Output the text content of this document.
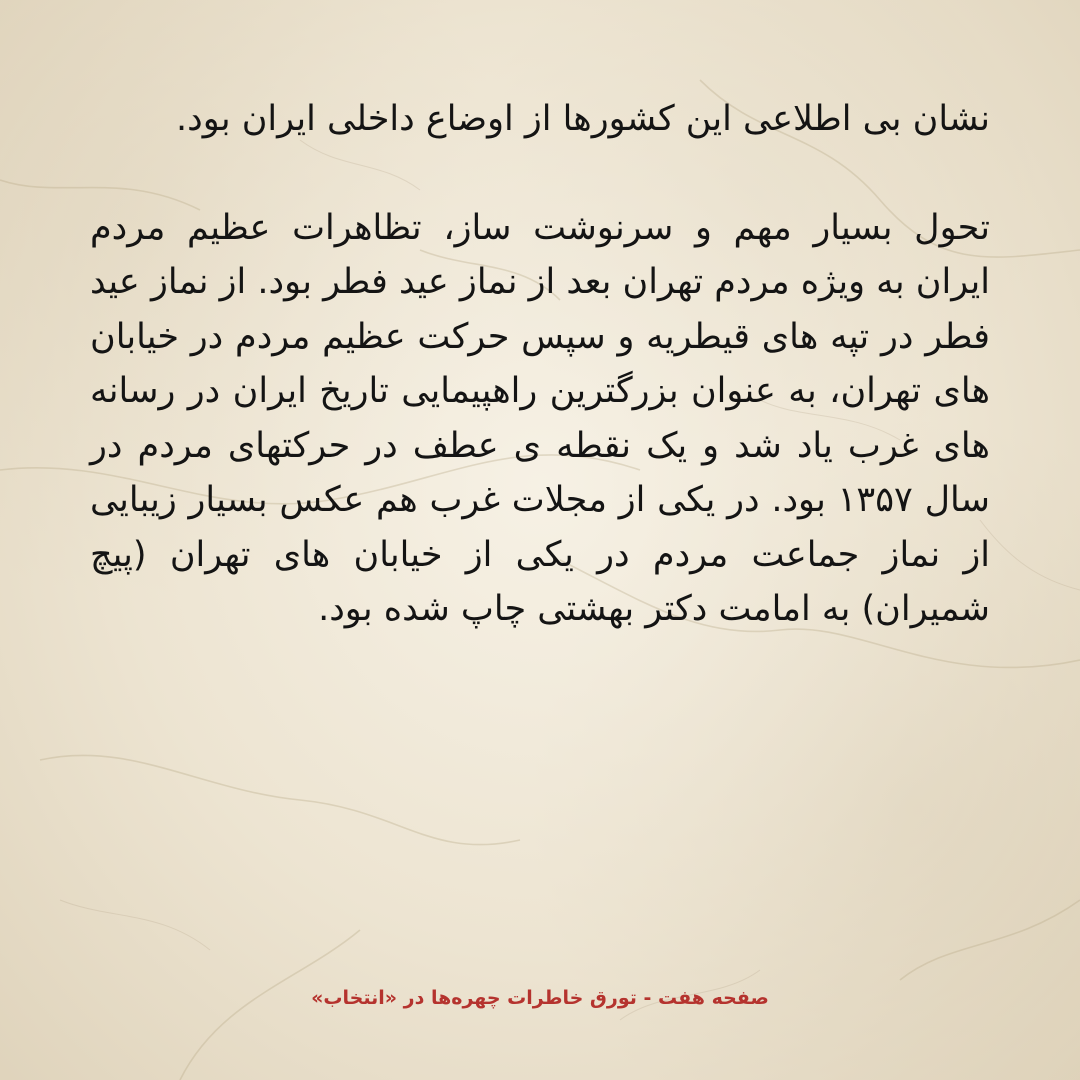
نشان بی اطلاعی این کشورها از اوضاع داخلی ایران بود.

تحول بسیار مهم و سرنوشت ساز، تظاهرات عظیم مردم ایران به ویژه مردم تهران بعد از نماز عید فطر بود. از نماز عید فطر در تپه های قیطریه و سپس حرکت عظیم مردم در خیابان های تهران، به عنوان بزرگترین راهپیمایی تاریخ ایران در رسانه های غرب یاد شد و یک نقطه ی عطف در حرکتهای مردم در سال ۱۳۵۷ بود. در یکی از مجلات غرب هم عکس بسیار زیبایی از نماز جماعت مردم در یکی از خیابان های تهران (پیچ شمیران) به امامت دکتر بهشتی چاپ شده بود.

صفحه هفت - تورق خاطرات چهره‌ها در «انتخاب»
